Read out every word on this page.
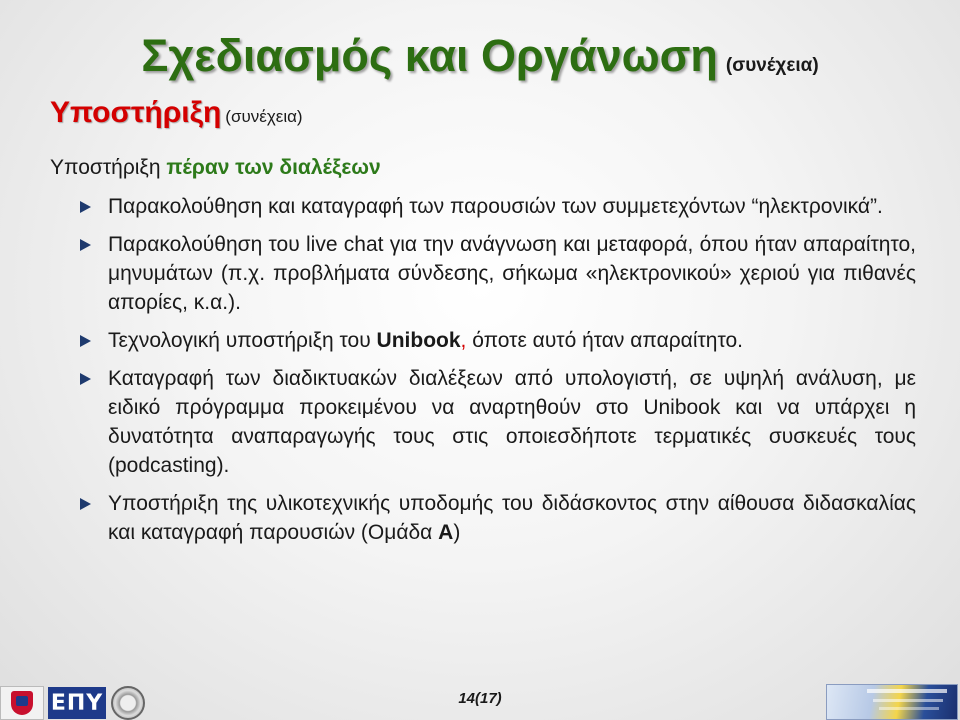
Σχεδιασμός και Οργάνωση (συνέχεια)
Υποστήριξη (συνέχεια)
Υποστήριξη πέραν των διαλέξεων
Παρακολούθηση και καταγραφή των παρουσιών των συμμετεχόντων “ηλεκτρονικά”.
Παρακολούθηση του live chat για την ανάγνωση και μεταφορά, όπου ήταν απαραίτητο, μηνυμάτων (π.χ. προβλήματα σύνδεσης, σήκωμα «ηλεκτρονικού» χεριού για πιθανές απορίες, κ.α.).
Τεχνολογική υποστήριξη του Unibook, όποτε αυτό ήταν απαραίτητο.
Καταγραφή των διαδικτυακών διαλέξεων από υπολογιστή, σε υψηλή ανάλυση, με ειδικό πρόγραμμα προκειμένου να αναρτηθούν στο Unibook και να υπάρχει η δυνατότητα αναπαραγωγής τους στις οποιεσδήποτε τερματικές συσκευές τους (podcasting).
Υποστήριξη της υλικοτεχνικής υποδομής του διδάσκοντος στην αίθουσα διδασκαλίας και καταγραφή παρουσιών (Ομάδα Α)
ΕΠΥ	14(17)
